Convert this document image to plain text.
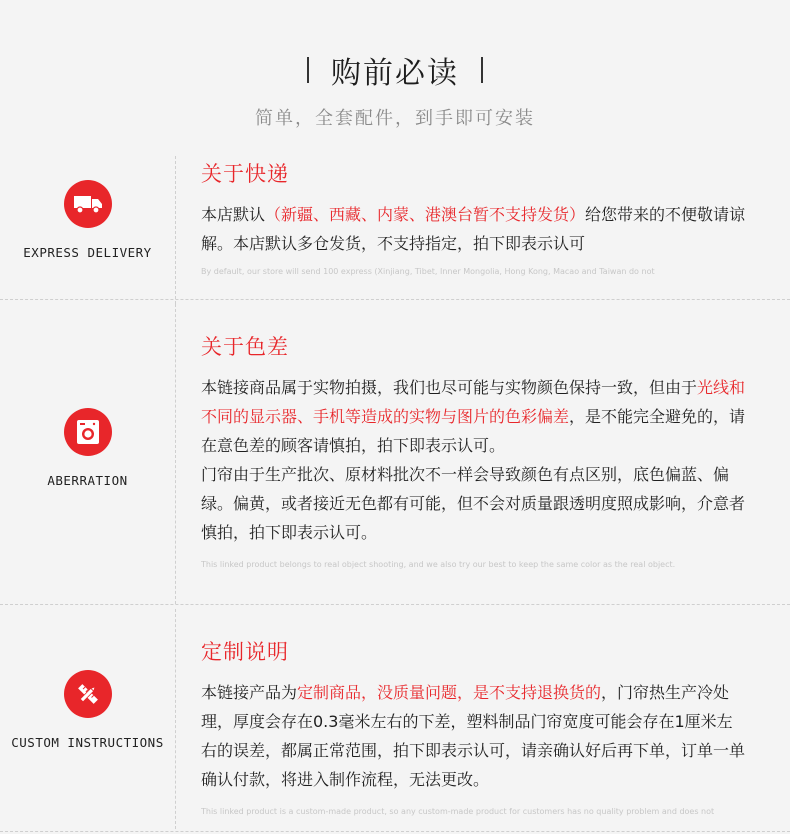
购前必读
简单，全套配件，到手即可安装
EXPRESS DELIVERY
关于快递
本店默认（新疆、西藏、内蒙、港澳台暂不支持发货）给您带来的不便敬请谅解。本店默认多仓发货，不支持指定，拍下即表示认可
By default, our store will send 100 express (Xinjiang, Tibet, Inner Mongolia, Hong Kong, Macao and Taiwan do not
ABERRATION
关于色差
本链接商品属于实物拍摄，我们也尽可能与实物颜色保持一致，但由于光线和不同的显示器、手机等造成的实物与图片的色彩偏差，是不能完全避免的，请在意色差的顾客请慎拍，拍下即表示认可。
门帘由于生产批次、原材料批次不一样会导致颜色有点区别，底色偏蓝、偏绿。偏黄，或者接近无色都有可能，但不会对质量跟透明度照成影响，介意者慎拍，拍下即表示认可。
This linked product belongs to real object shooting, and we also try our best to keep the same color as the real object.
CUSTOM INSTRUCTIONS
定制说明
本链接产品为定制商品，没质量问题，是不支持退换货的，门帘热生产冷处理，厚度会存在0.3毫米左右的下差，塑料制品门帘宽度可能会存在1厘米左右的误差，都属正常范围，拍下即表示认可，请亲确认好后再下单，订单一单确认付款，将进入制作流程，无法更改。
This linked product is a custom-made product, so any custom-made product for customers has no quality problem and does not
